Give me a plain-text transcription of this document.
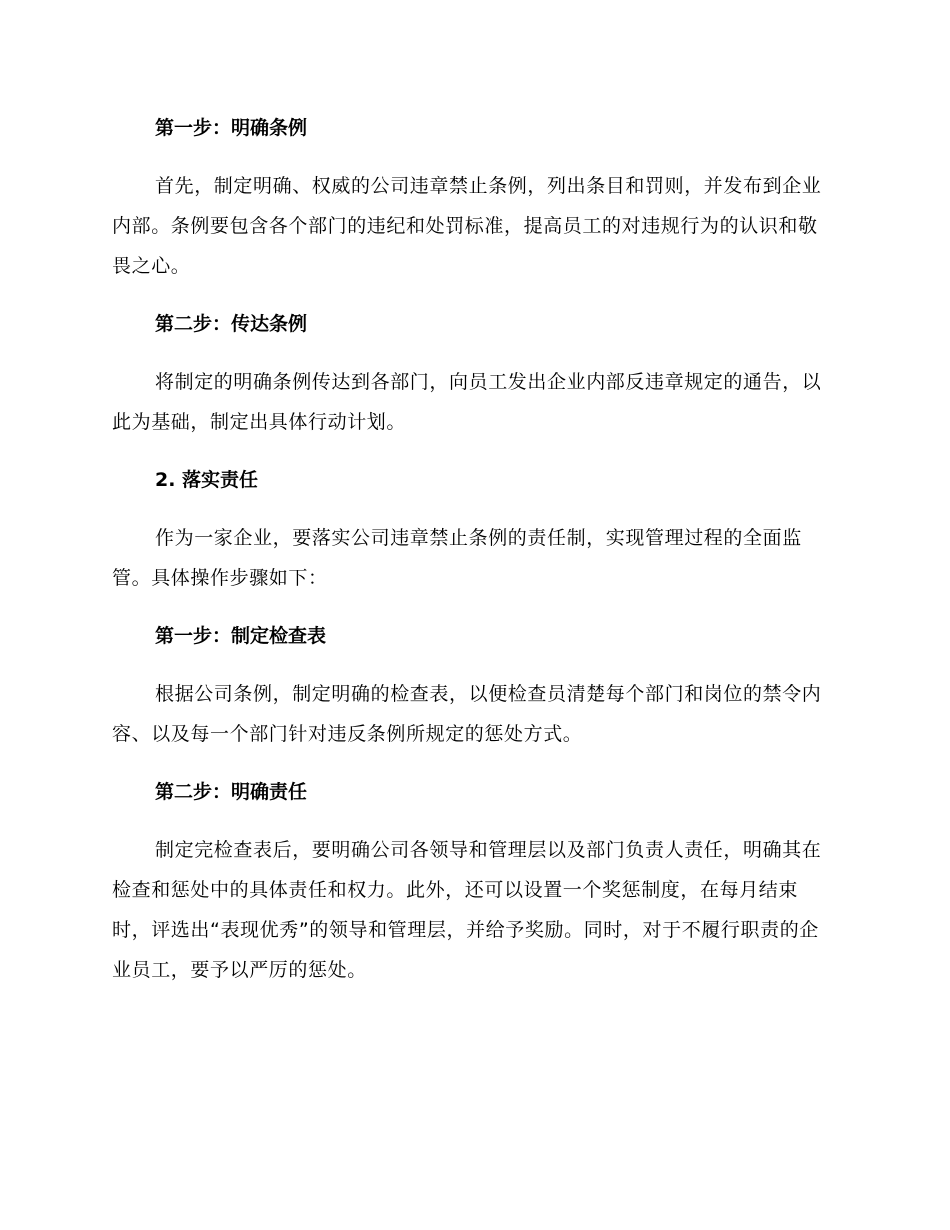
第一步：明确条例
首先，制定明确、权威的公司违章禁止条例，列出条目和罚则，并发布到企业内部。条例要包含各个部门的违纪和处罚标准，提高员工的对违规行为的认识和敬畏之心。
第二步：传达条例
将制定的明确条例传达到各部门，向员工发出企业内部反违章规定的通告，以此为基础，制定出具体行动计划。
2. 落实责任
作为一家企业，要落实公司违章禁止条例的责任制，实现管理过程的全面监管。具体操作步骤如下：
第一步：制定检查表
根据公司条例，制定明确的检查表，以便检查员清楚每个部门和岗位的禁令内容、以及每一个部门针对违反条例所规定的惩处方式。
第二步：明确责任
制定完检查表后，要明确公司各领导和管理层以及部门负责人责任，明确其在检查和惩处中的具体责任和权力。此外，还可以设置一个奖惩制度，在每月结束时，评选出“表现优秀”的领导和管理层，并给予奖励。同时，对于不履行职责的企业员工，要予以严厉的惩处。
